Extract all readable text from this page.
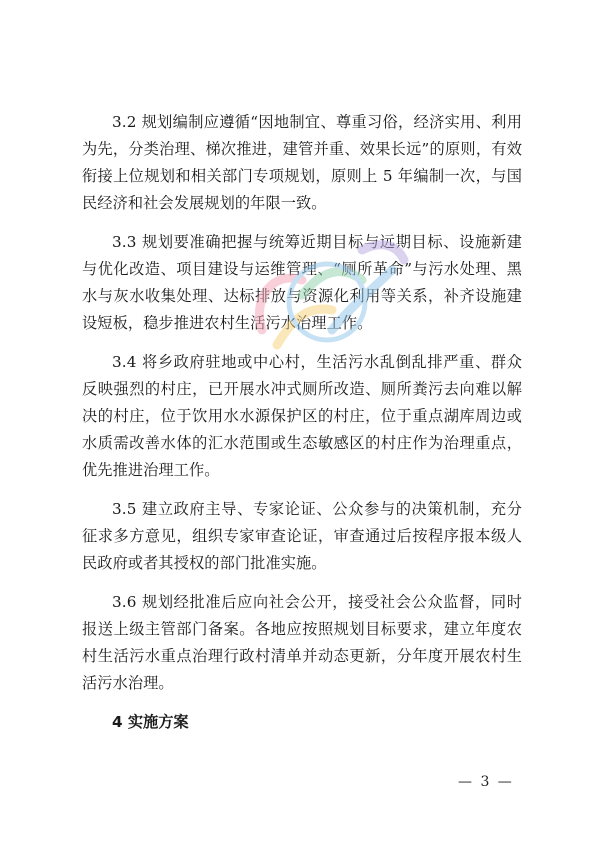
3.2 规划编制应遵循“因地制宜、尊重习俗，经济实用、利用为先，分类治理、梯次推进，建管并重、效果长远”的原则，有效衔接上位规划和相关部门专项规划，原则上 5 年编制一次，与国民经济和社会发展规划的年限一致。

3.3 规划要准确把握与统筹近期目标与远期目标、设施新建与优化改造、项目建设与运维管理、“厕所革命”与污水处理、黑水与灰水收集处理、达标排放与资源化利用等关系，补齐设施建设短板，稳步推进农村生活污水治理工作。

3.4 将乡政府驻地或中心村，生活污水乱倒乱排严重、群众反映强烈的村庄，已开展水冲式厕所改造、厕所粪污去向难以解决的村庄，位于饮用水水源保护区的村庄，位于重点湖库周边或水质需改善水体的汇水范围或生态敏感区的村庄作为治理重点，优先推进治理工作。

3.5 建立政府主导、专家论证、公众参与的决策机制，充分征求多方意见，组织专家审查论证，审查通过后按程序报本级人民政府或者其授权的部门批准实施。

3.6 规划经批准后应向社会公开，接受社会公众监督，同时报送上级主管部门备案。各地应按照规划目标要求，建立年度农村生活污水重点治理行政村清单并动态更新，分年度开展农村生活污水治理。

4 实施方案

— 3 —
